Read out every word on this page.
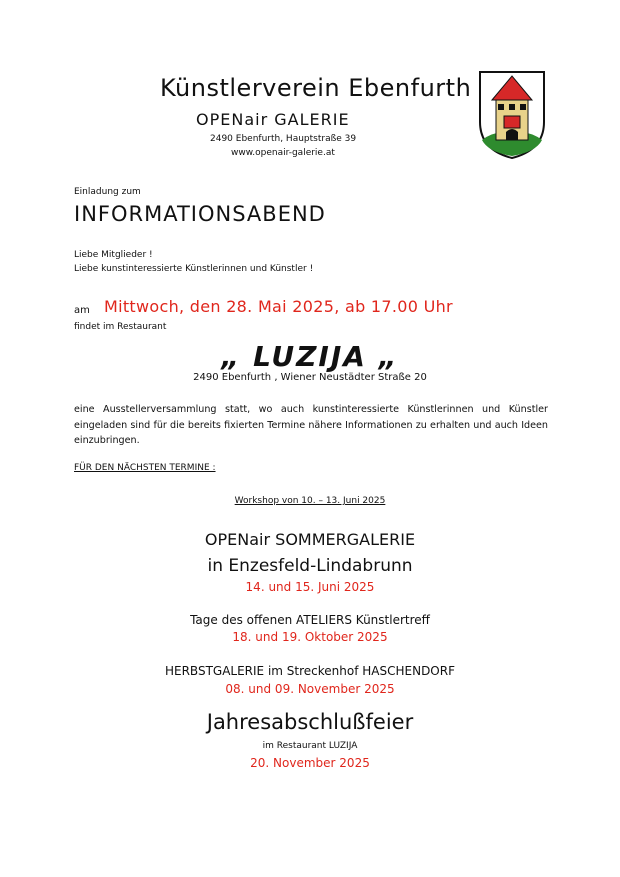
Künstlerverein Ebenfurth
OPENair GALERIE
2490 Ebenfurth, Hauptstraße 39
www.openair-galerie.at
Einladung zum
INFORMATIONSABEND
Liebe Mitglieder !
Liebe kunstinteressierte Künstlerinnen und Künstler !
am Mittwoch, den 28. Mai 2025, ab 17.00 Uhr
findet im Restaurant
„ LUZIJA „
2490 Ebenfurth , Wiener Neustädter Straße 20
eine Ausstellerversammlung statt, wo auch kunstinteressierte Künstlerinnen und Künstler eingeladen sind für die bereits fixierten Termine nähere Informationen zu erhalten und auch Ideen einzubringen.
FÜR DEN NÄCHSTEN TERMINE :
Workshop von 10. – 13. Juni 2025
OPENair SOMMERGALERIE
in Enzesfeld-Lindabrunn
14. und 15. Juni 2025
Tage des offenen ATELIERS Künstlertreff
18. und 19. Oktober 2025
HERBSTGALERIE im Streckenhof HASCHENDORF
08. und 09. November 2025
Jahresabschlußfeier
im Restaurant LUZIJA
20. November 2025
